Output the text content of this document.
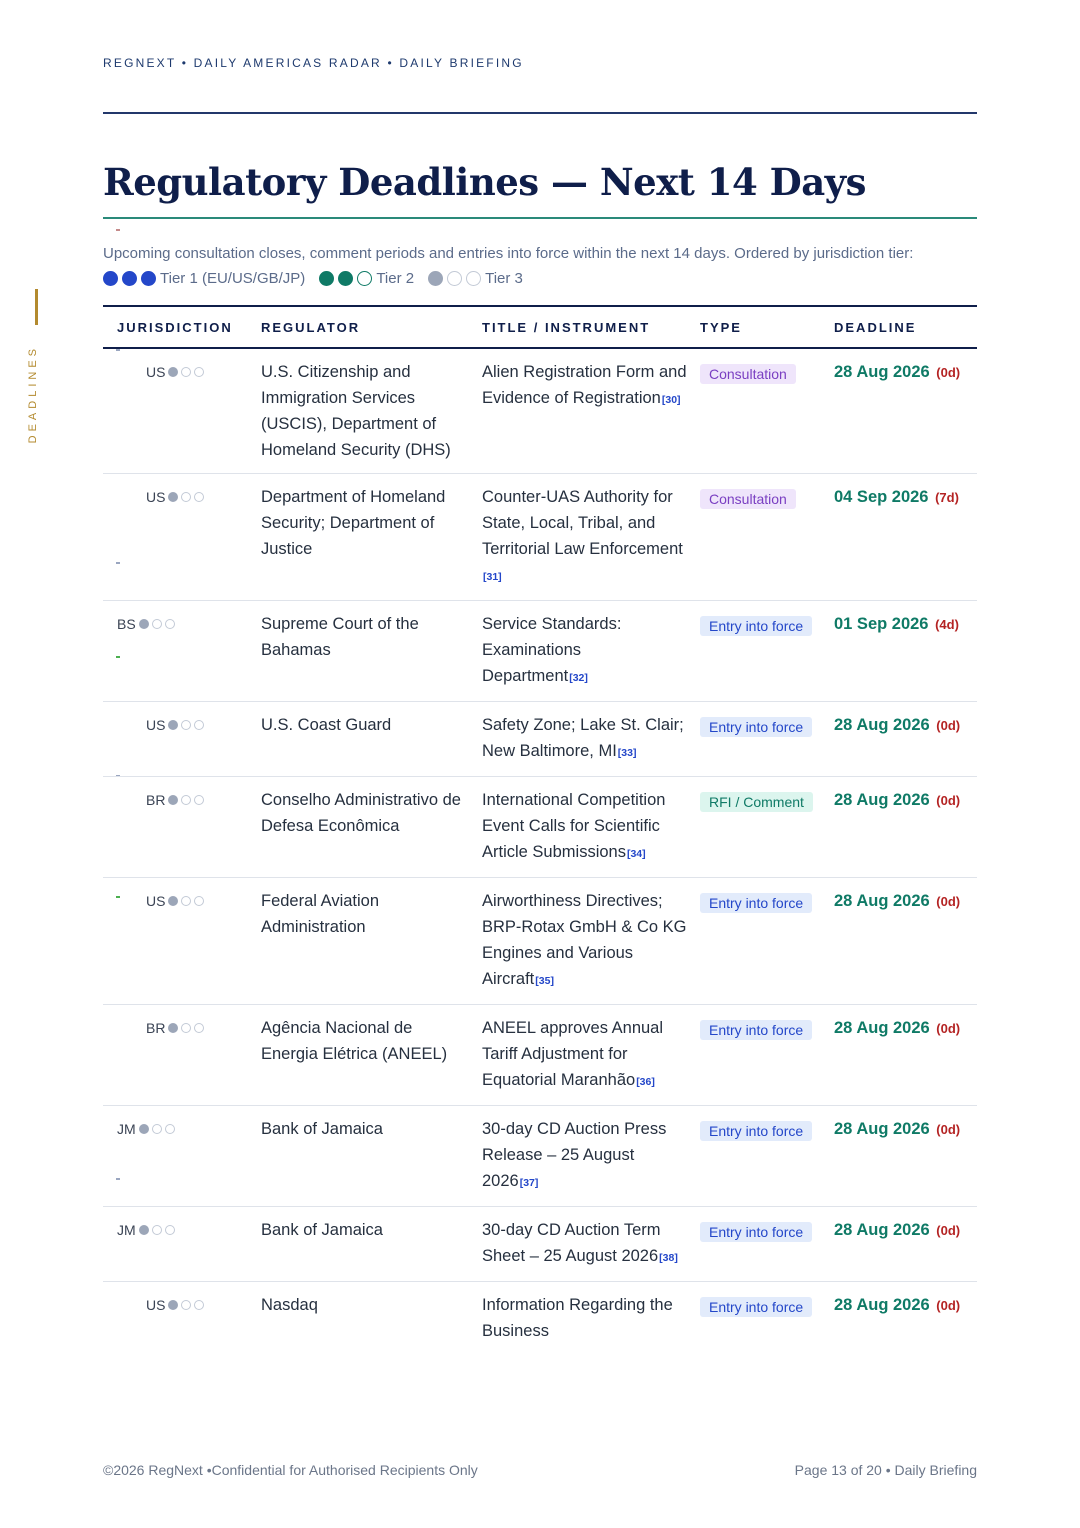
REGNEXT • DAILY AMERICAS RADAR • DAILY BRIEFING
DEADLINES
Regulatory Deadlines — Next 14 Days
Upcoming consultation closes, comment periods and entries into force within the next 14 days. Ordered by jurisdiction tier:
Tier 1 (EU/US/GB/JP)	Tier 2	Tier 3
JURISDICTION	REGULATOR	TITLE / INSTRUMENT	TYPE	DEADLINE

US	U.S. Citizenship and Immigration Services (USCIS), Department of Homeland Security (DHS)	Alien Registration Form and Evidence of Registration[30]	Consultation	28 Aug 2026 (0d)

US	Department of Homeland Security; Department of Justice	Counter-UAS Authority for State, Local, Tribal, and Territorial Law Enforcement [31]	Consultation	04 Sep 2026 (7d)

BS	Supreme Court of the Bahamas	Service Standards: Examinations Department[32]	Entry into force	01 Sep 2026 (4d)

US	U.S. Coast Guard	Safety Zone; Lake St. Clair; New Baltimore, MI[33]	Entry into force	28 Aug 2026 (0d)

BR	Conselho Administrativo de Defesa Econômica	International Competition Event Calls for Scientific Article Submissions[34]	RFI / Comment	28 Aug 2026 (0d)

US	Federal Aviation Administration	Airworthiness Directives; BRP-Rotax GmbH & Co KG Engines and Various Aircraft[35]	Entry into force	28 Aug 2026 (0d)

BR	Agência Nacional de Energia Elétrica (ANEEL)	ANEEL approves Annual Tariff Adjustment for Equatorial Maranhão[36]	Entry into force	28 Aug 2026 (0d)

JM	Bank of Jamaica	30-day CD Auction Press Release – 25 August 2026[37]	Entry into force	28 Aug 2026 (0d)

JM	Bank of Jamaica	30-day CD Auction Term Sheet – 25 August 2026[38]	Entry into force	28 Aug 2026 (0d)

US	Nasdaq	Information Regarding the Business	Entry into force	28 Aug 2026 (0d)
©2026 RegNext •Confidential for Authorised Recipients Only	Page 13 of 20 • Daily Briefing
